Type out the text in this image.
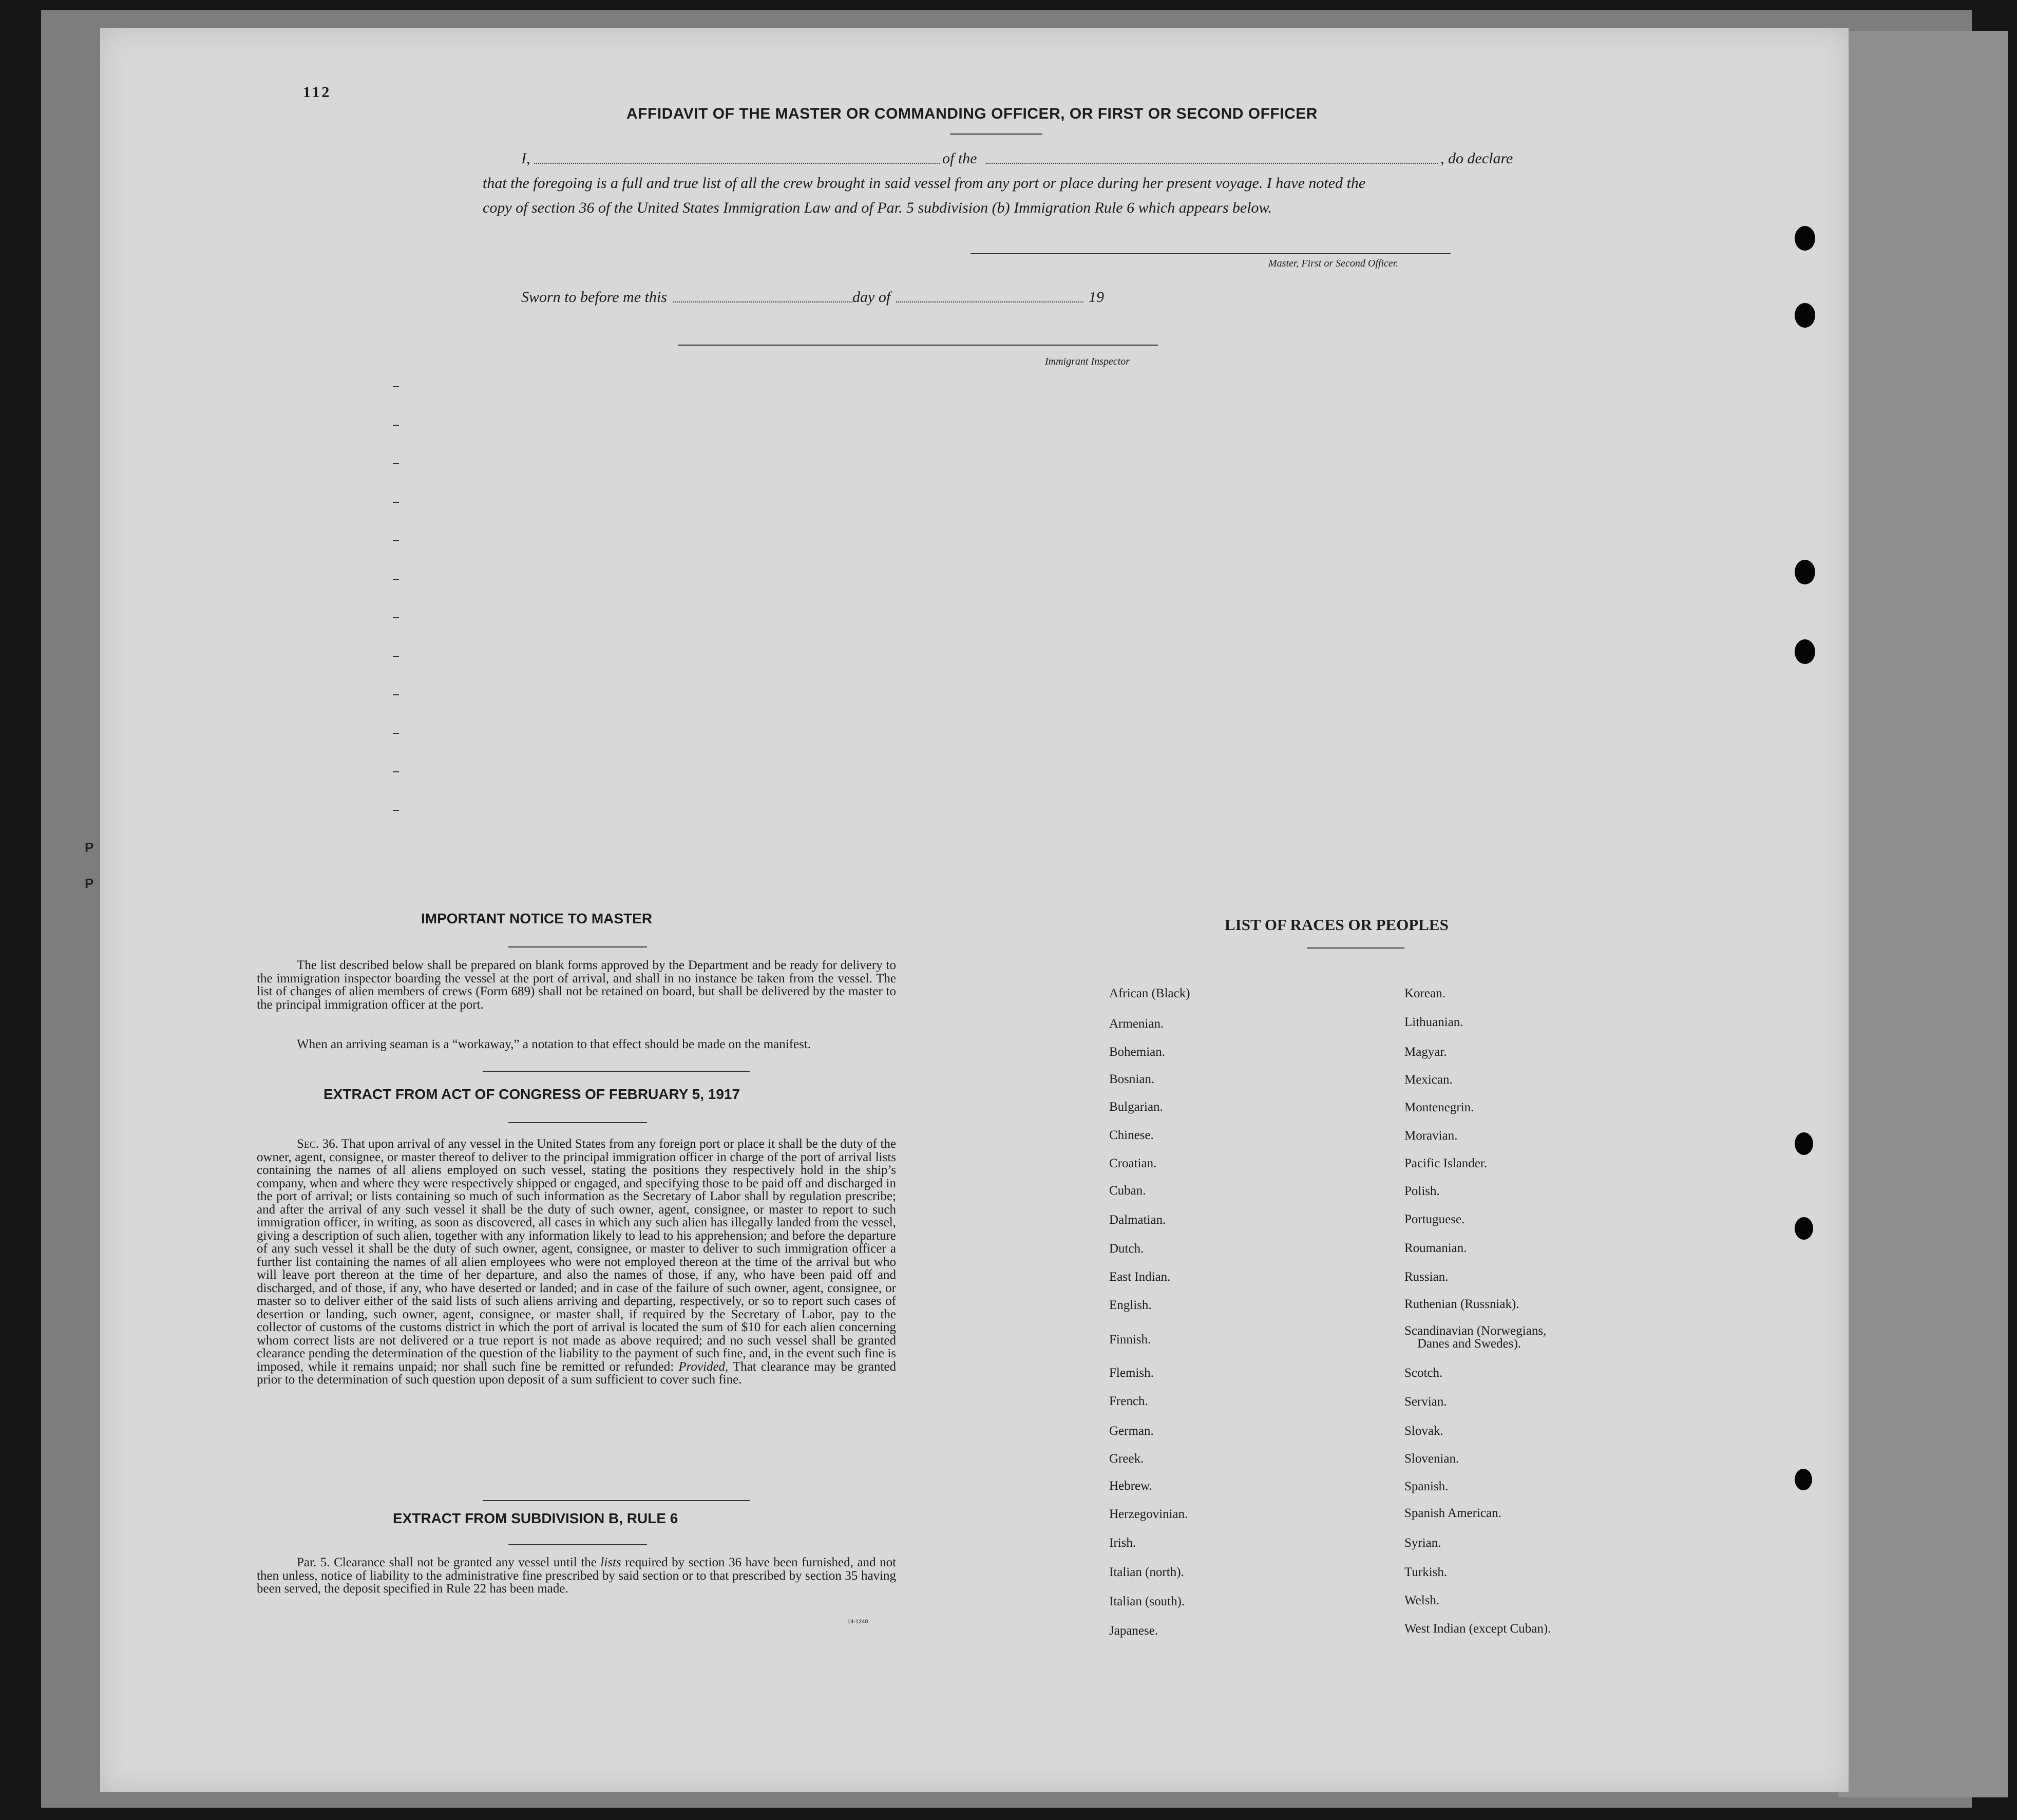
P
P
112
AFFIDAVIT OF THE MASTER OR COMMANDING OFFICER, OR FIRST OR SECOND OFFICER
I,	of the	, do declare
that the foregoing is a full and true list of all the crew brought in said vessel from any port or place during her present voyage. I have noted the
copy of section 36 of the United States Immigration Law and of Par. 5 subdivision (b) Immigration Rule 6 which appears below.
Master, First or Second Officer.
Sworn to before me this	day of	19
Immigrant Inspector
IMPORTANT NOTICE TO MASTER
The list described below shall be prepared on blank forms approved by the Department and be ready for delivery to the immigration inspector boarding the vessel at the port of arrival, and shall in no instance be taken from the vessel. The list of changes of alien members of crews (Form 689) shall not be retained on board, but shall be delivered by the master to the principal immigration officer at the port.
When an arriving seaman is a “workaway,” a notation to that effect should be made on the manifest.
EXTRACT FROM ACT OF CONGRESS OF FEBRUARY 5, 1917
Sec. 36. That upon arrival of any vessel in the United States from any foreign port or place it shall be the duty of the owner, agent, consignee, or master thereof to deliver to the principal immigration officer in charge of the port of arrival lists containing the names of all aliens employed on such vessel, stating the positions they respectively hold in the ship’s company, when and where they were respectively shipped or engaged, and specifying those to be paid off and discharged in the port of arrival; or lists containing so much of such information as the Secretary of Labor shall by regulation prescribe; and after the arrival of any such vessel it shall be the duty of such owner, agent, consignee, or master to report to such immigration officer, in writing, as soon as discovered, all cases in which any such alien has illegally landed from the vessel, giving a description of such alien, together with any information likely to lead to his apprehension; and before the departure of any such vessel it shall be the duty of such owner, agent, consignee, or master to deliver to such immigration officer a further list containing the names of all alien employees who were not employed thereon at the time of the arrival but who will leave port thereon at the time of her departure, and also the names of those, if any, who have been paid off and discharged, and of those, if any, who have deserted or landed; and in case of the failure of such owner, agent, consignee, or master so to deliver either of the said lists of such aliens arriving and departing, respectively, or so to report such cases of desertion or landing, such owner, agent, consignee, or master shall, if required by the Secretary of Labor, pay to the collector of customs of the customs district in which the port of arrival is located the sum of $10 for each alien concerning whom correct lists are not delivered or a true report is not made as above required; and no such vessel shall be granted clearance pending the determination of the question of the liability to the payment of such fine, and, in the event such fine is imposed, while it remains unpaid; nor shall such fine be remitted or refunded: Provided, That clearance may be granted prior to the determination of such question upon deposit of a sum sufficient to cover such fine.
EXTRACT FROM SUBDIVISION B, RULE 6
Par. 5. Clearance shall not be granted any vessel until the lists required by section 36 have been furnished, and not then unless, notice of liability to the administrative fine prescribed by said section or to that prescribed by section 35 having been served, the deposit specified in Rule 22 has been made.
14-1240
LIST OF RACES OR PEOPLES
African (Black)
Armenian.
Bohemian.
Bosnian.
Bulgarian.
Chinese.
Croatian.
Cuban.
Dalmatian.
Dutch.
East Indian.
English.
Finnish.
Flemish.
French.
German.
Greek.
Hebrew.
Herzegovinian.
Irish.
Italian (north).
Italian (south).
Japanese.
Korean.
Lithuanian.
Magyar.
Mexican.
Montenegrin.
Moravian.
Pacific Islander.
Polish.
Portuguese.
Roumanian.
Russian.
Ruthenian (Russniak).
Scandinavian (Norwegians,
Danes and Swedes).
Scotch.
Servian.
Slovak.
Slovenian.
Spanish.
Spanish American.
Syrian.
Turkish.
Welsh.
West Indian (except Cuban).
